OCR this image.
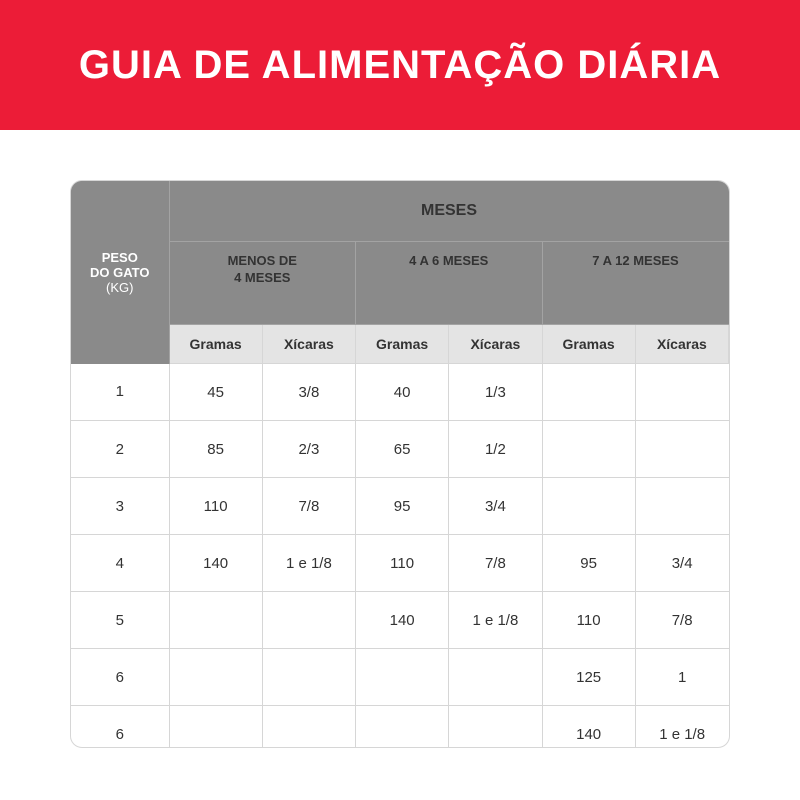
GUIA DE ALIMENTAÇÃO DIÁRIA
PESO
DO GATO
(KG)	MESES					

	MENOS DE
4 MESES		4 A 6 MESES		7 A 12 MESES	

	Gramas	Xícaras	Gramas	Xícaras	Gramas	Xícaras
1	45	3/8	40	1/3		
2	85	2/3	65	1/2		
3	110	7/8	95	3/4		
4	140	1 e 1/8	110	7/8	95	3/4
5			140	1 e 1/8	110	7/8
6					125	1
6					140	1 e 1/8
